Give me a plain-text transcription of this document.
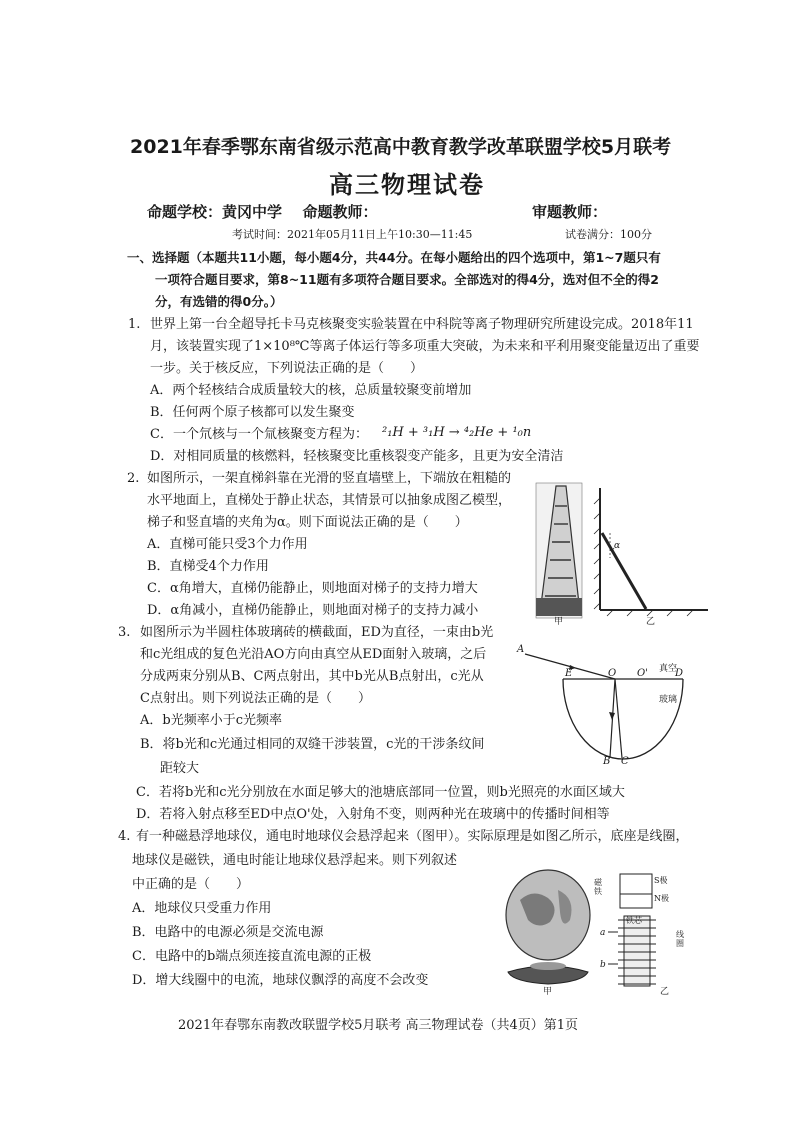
2021年春季鄂东南省级示范高中教育教学改革联盟学校5月联考
高三物理试卷
命题学校：黄冈中学 命题教师：	审题教师：
考试时间：2021年05月11日上午10:30—11:45	试卷满分：100分
一、选择题（本题共11小题，每小题4分，共44分。在每小题给出的四个选项中，第1~7题只有
一项符合题目要求，第8~11题有多项符合题目要求。全部选对的得4分，选对但不全的得2
分，有选错的得0分。）
1. 世界上第一台全超导托卡马克核聚变实验装置在中科院等离子物理研究所建设完成。2018年11
月，该装置实现了1×10⁸℃等离子体运行等多项重大突破，为未来和平利用聚变能量迈出了重要
一步。关于核反应，下列说法正确的是（　　）
A．两个轻核结合成质量较大的核，总质量较聚变前增加
B．任何两个原子核都可以发生聚变
C．一个氘核与一个氚核聚变方程为： ²₁H + ³₁H → ⁴₂He + ¹₀n
D．对相同质量的核燃料，轻核聚变比重核裂变产能多，且更为安全清洁
2. 如图所示，一架直梯斜靠在光滑的竖直墙壁上，下端放在粗糙的
水平地面上，直梯处于静止状态，其情景可以抽象成图乙模型，
梯子和竖直墙的夹角为α。则下面说法正确的是（　　）
A．直梯可能只受3个力作用
B．直梯受4个力作用
C．α角增大，直梯仍能静止，则地面对梯子的支持力增大
D．α角减小，直梯仍能静止，则地面对梯子的支持力减小
甲	乙
α
3. 如图所示为半圆柱体玻璃砖的横截面，ED为直径，一束由b光
和c光组成的复色光沿AO方向由真空从ED面射入玻璃，之后
分成两束分别从B、C两点射出，其中b光从B点射出，c光从
C点射出。则下列说法正确的是（　　）
A．b光频率小于c光频率
B．将b光和c光通过相同的双缝干涉装置，c光的干涉条纹间
距较大
C．若将b光和c光分别放在水面足够大的池塘底部同一位置，则b光照亮的水面区域大
D．若将入射点移至ED中点O'处，入射角不变，则两种光在玻璃中的传播时间相等
A
E	O O'	D
真空
玻璃
B C
4. 有一种磁悬浮地球仪，通电时地球仪会悬浮起来（图甲）。实际原理是如图乙所示，底座是线圈，
地球仪是磁铁，通电时能让地球仪悬浮起来。则下列叙述
中正确的是（　　）
A．地球仪只受重力作用
B．电路中的电源必须是交流电源
C．电路中的b端点须连接直流电源的正极
D．增大线圈中的电流，地球仪飘浮的高度不会改变
磁铁
S极
N极
铁芯
线圈
a
b
甲	乙
2021年春鄂东南教改联盟学校5月联考 高三物理试卷（共4页）第1页
